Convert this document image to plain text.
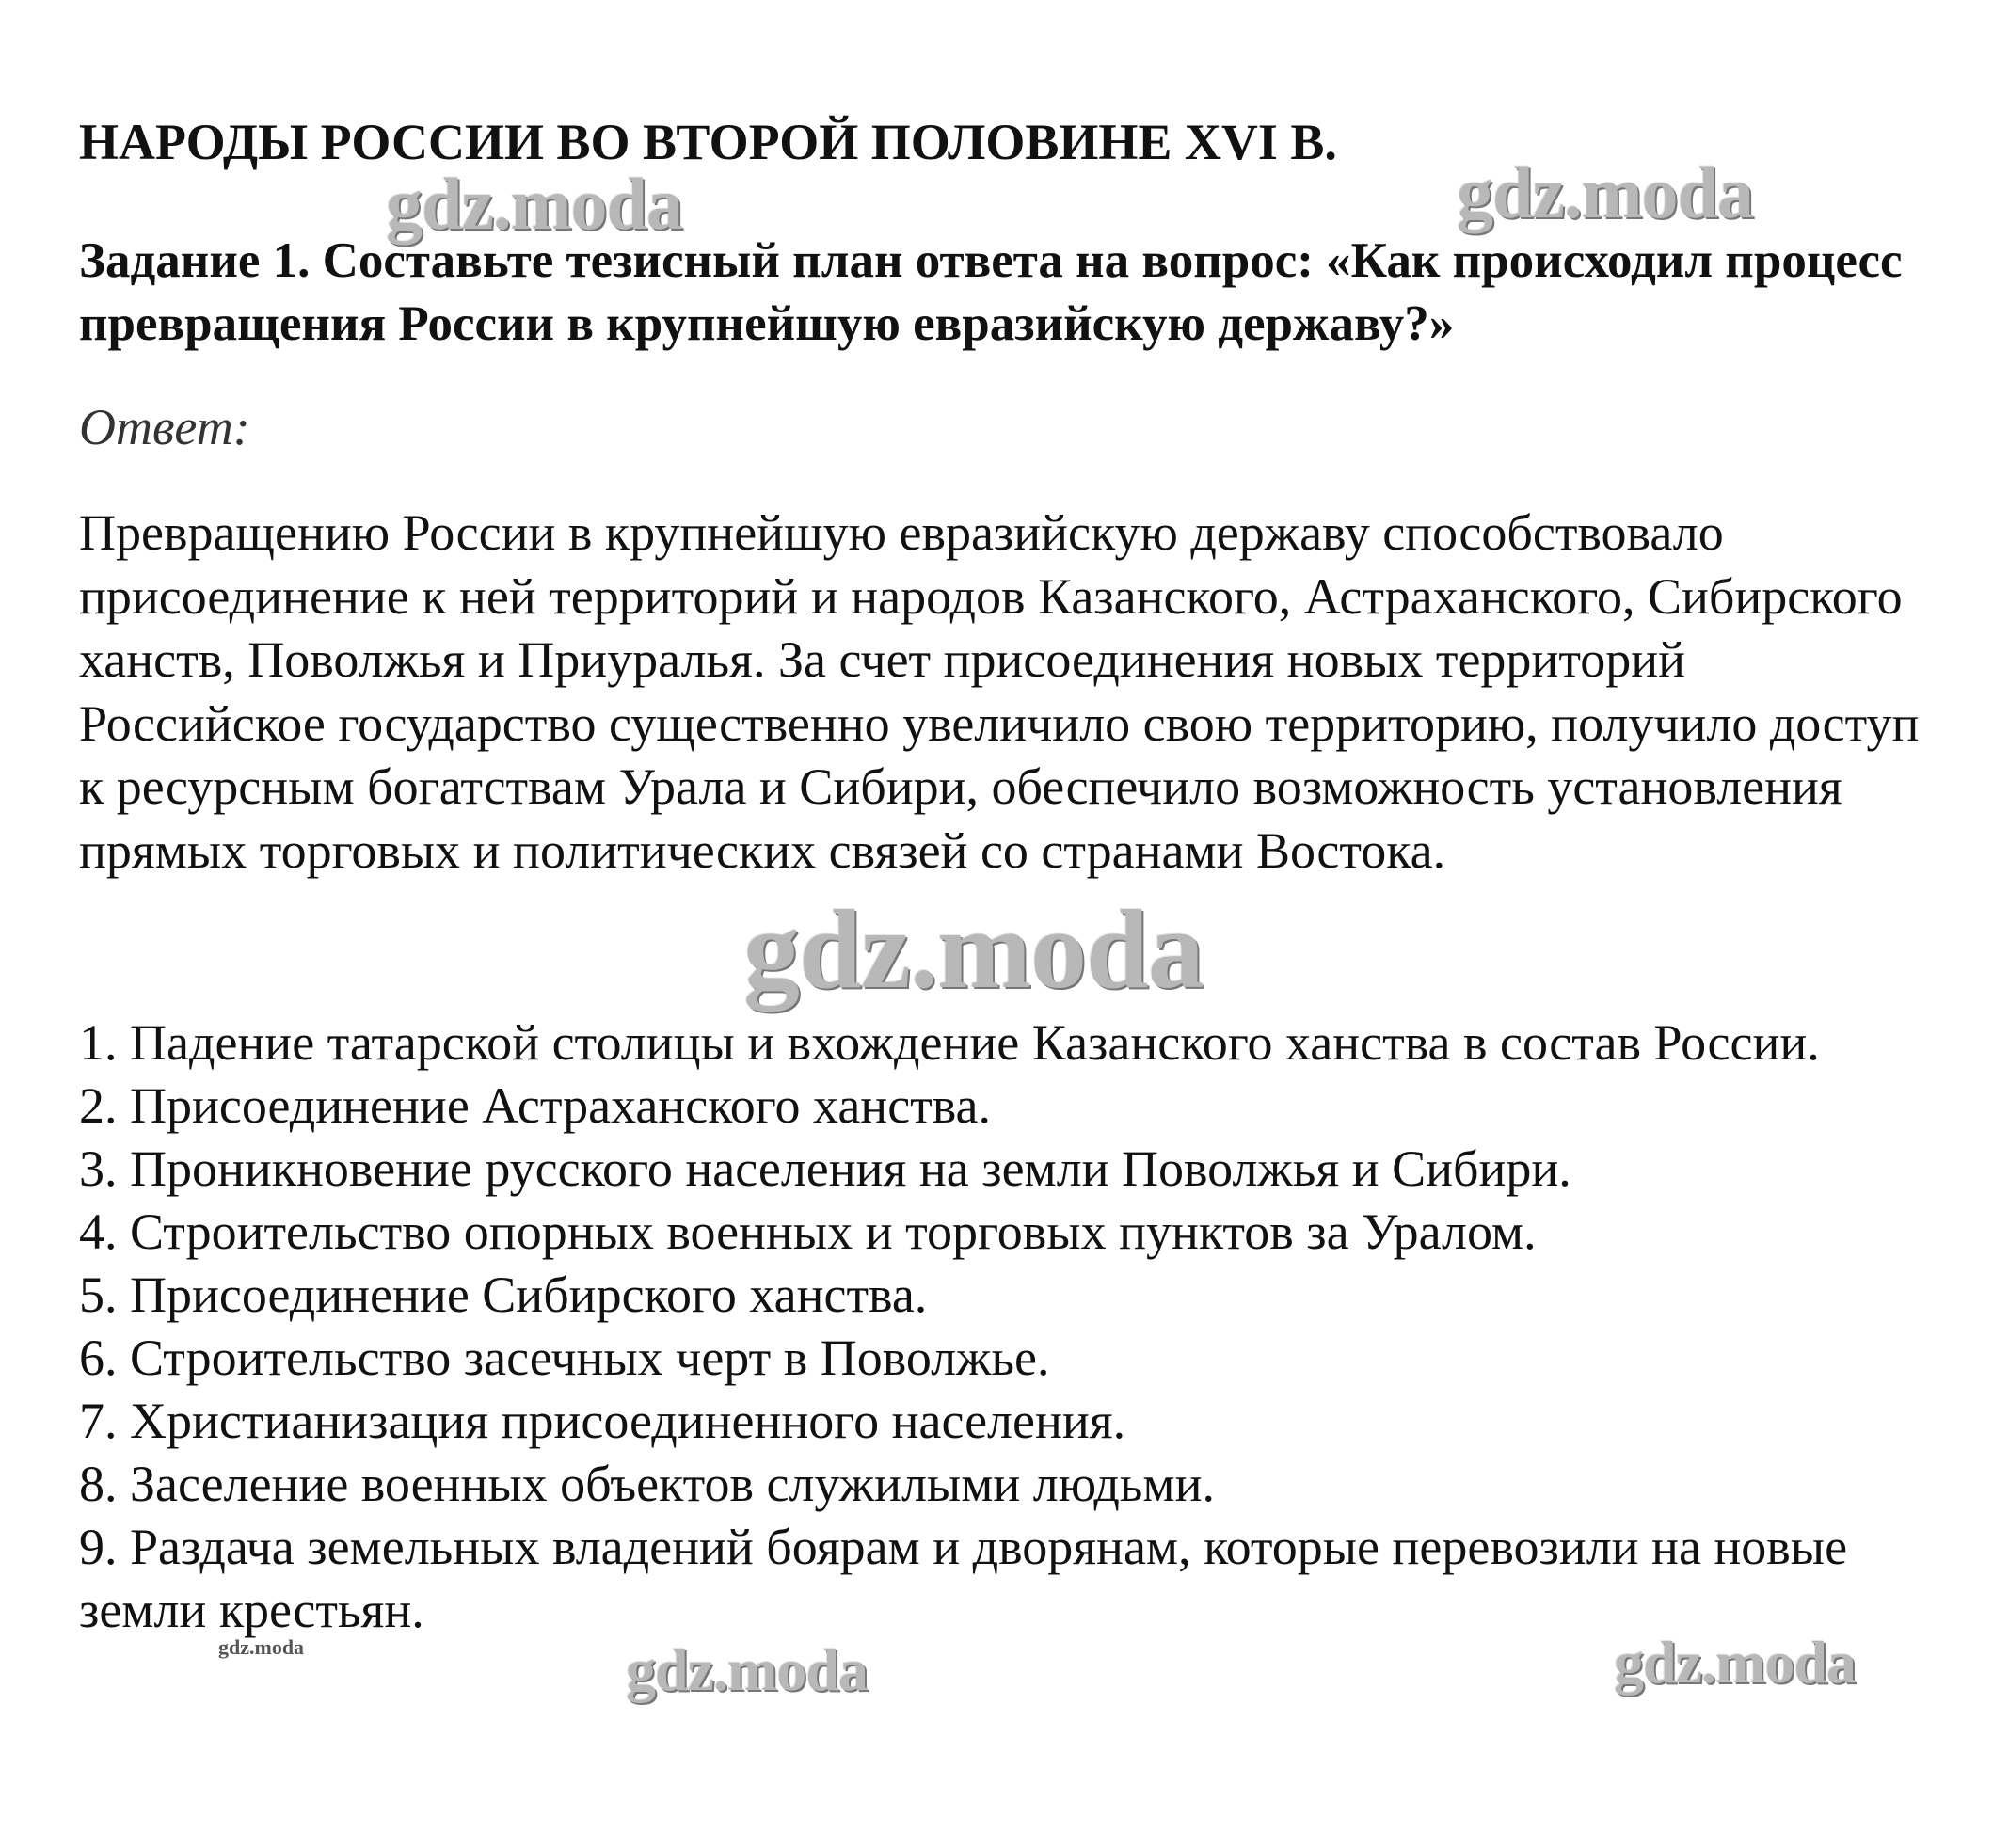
НАРОДЫ РОССИИ ВО ВТОРОЙ ПОЛОВИНЕ XVI В.

Задание 1. Составьте тезисный план ответа на вопрос: «Как происходил процесс превращения России в крупнейшую евразийскую державу?»

Ответ:

Превращению России в крупнейшую евразийскую державу способствовало присоединение к ней территорий и народов Казанского, Астраханского, Сибирского ханств, Поволжья и Приуралья. За счет присоединения новых территорий Российское государство существенно увеличило свою территорию, получило доступ к ресурсным богатствам Урала и Сибири, обеспечило возможность установления прямых торговых и политических связей со странами Востока.

1. Падение татарской столицы и вхождение Казанского ханства в состав России.
2. Присоединение Астраханского ханства.
3. Проникновение русского населения на земли Поволжья и Сибири.
4. Строительство опорных военных и торговых пунктов за Уралом.
5. Присоединение Сибирского ханства.
6. Строительство засечных черт в Поволжье.
7. Христианизация присоединенного населения.
8. Заселение военных объектов служилыми людьми.
9. Раздача земельных владений боярам и дворянам, которые перевозили на новые земли крестьян.
gdz.moda	gdz.moda
gdz.moda
gdz.moda	gdz.moda
gdz.moda
